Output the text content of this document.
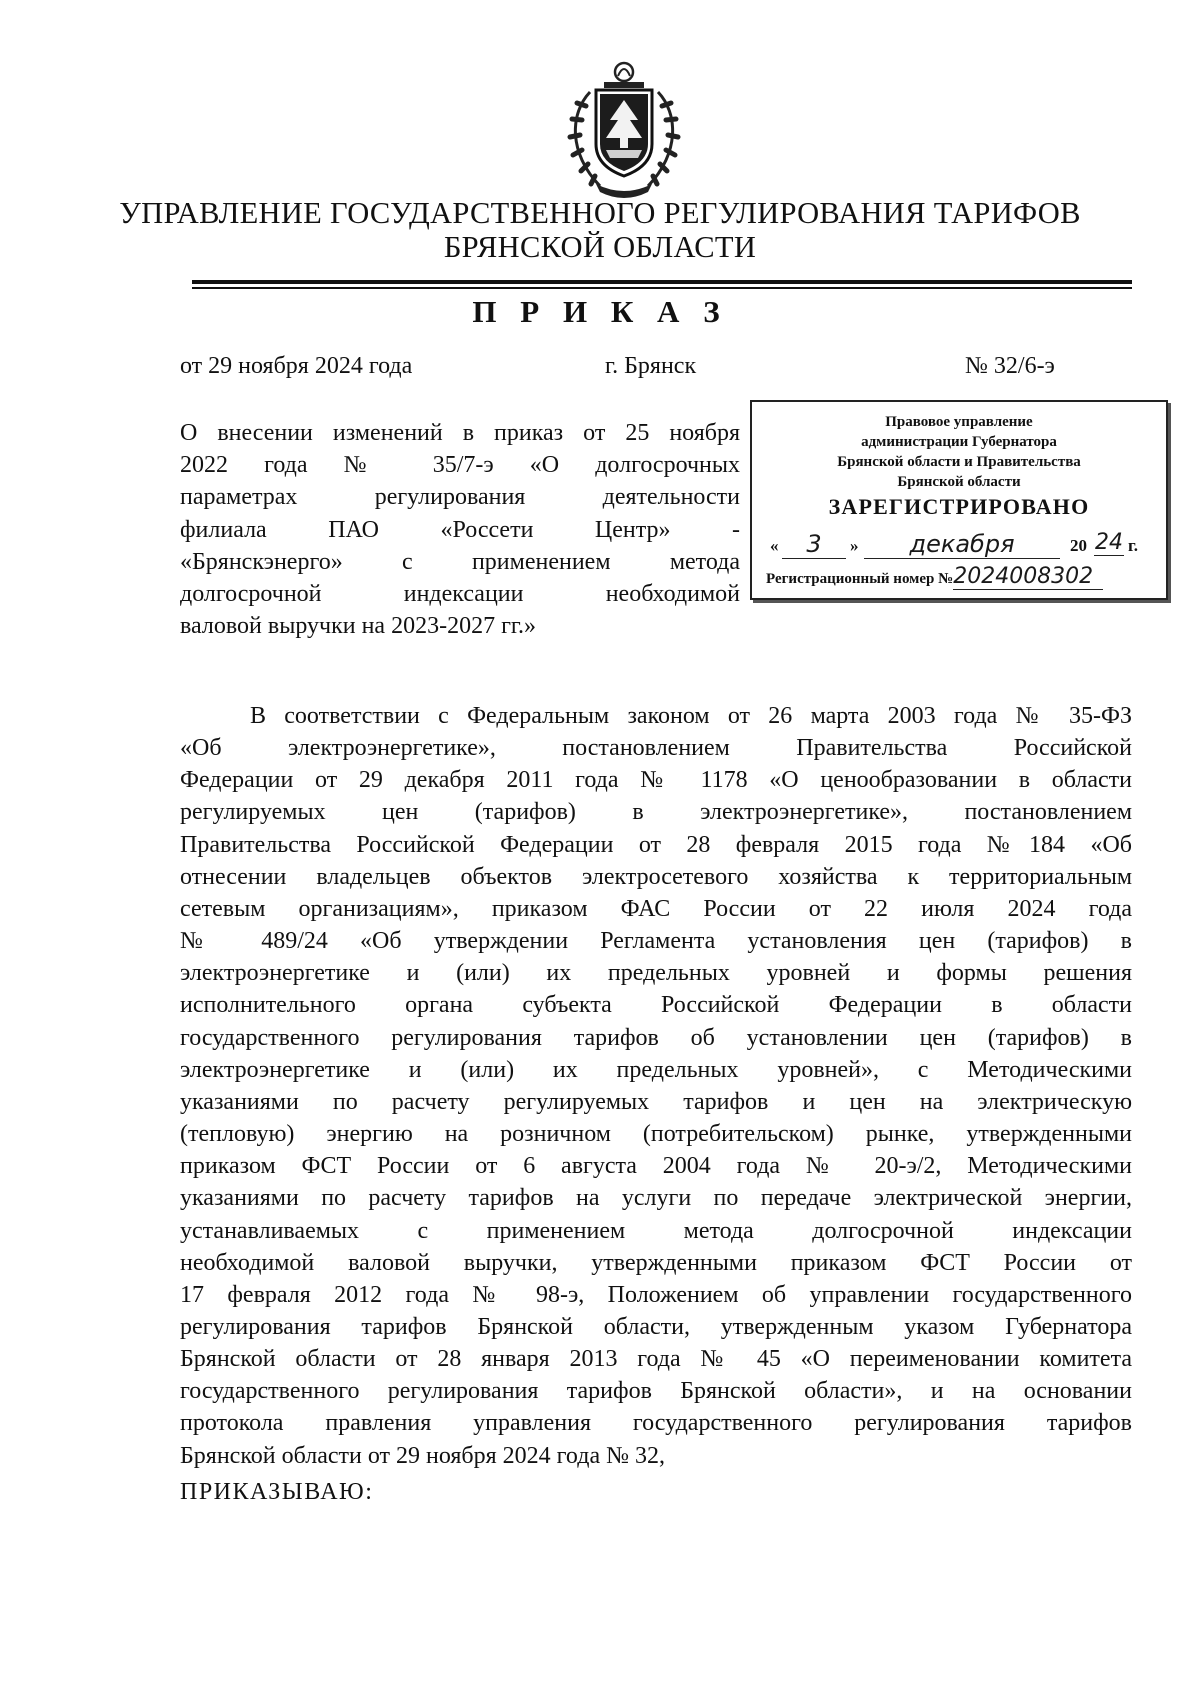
УПРАВЛЕНИЕ ГОСУДАРСТВЕННОГО РЕГУЛИРОВАНИЯ ТАРИФОВ
БРЯНСКОЙ ОБЛАСТИ
П Р И К А З
от 29 ноября 2024 года	г. Брянск	№ 32/6-э
О внесении изменений в приказ от 25 ноября
2022 года № 35/7-э «О долгосрочных
параметрах регулирования деятельности
филиала ПАО «Россети Центр» -
«Брянскэнерго» с применением метода
долгосрочной индексации необходимой
валовой выручки на 2023-2027 гг.»
Правовое управление
администрации Губернатора
Брянской области и Правительства
Брянской области
ЗАРЕГИСТРИРОВАНО
«	3	»	декабря	20 24 г.
Регистрационный номер №2024008302
В соответствии с Федеральным законом от 26 марта 2003 года № 35-ФЗ
«Об электроэнергетике», постановлением Правительства Российской
Федерации от 29 декабря 2011 года № 1178 «О ценообразовании в области
регулируемых цен (тарифов) в электроэнергетике», постановлением
Правительства Российской Федерации от 28 февраля 2015 года №184 «Об
отнесении владельцев объектов электросетевого хозяйства к территориальным
сетевым организациям», приказом ФАС России от 22 июля 2024 года
№ 489/24 «Об утверждении Регламента установления цен (тарифов) в
электроэнергетике и (или) их предельных уровней и формы решения
исполнительного органа субъекта Российской Федерации в области
государственного регулирования тарифов об установлении цен (тарифов) в
электроэнергетике и (или) их предельных уровней», с Методическими
указаниями по расчету регулируемых тарифов и цен на электрическую
(тепловую) энергию на розничном (потребительском) рынке, утвержденными
приказом ФСТ России от 6 августа 2004 года № 20-э/2, Методическими
указаниями по расчету тарифов на услуги по передаче электрической энергии,
устанавливаемых с применением метода долгосрочной индексации
необходимой валовой выручки, утвержденными приказом ФСТ России от
17 февраля 2012 года № 98-э, Положением об управлении государственного
регулирования тарифов Брянской области, утвержденным указом Губернатора
Брянской области от 28 января 2013 года № 45 «О переименовании комитета
государственного регулирования тарифов Брянской области», и на основании
протокола правления управления государственного регулирования тарифов
Брянской области от 29 ноября 2024 года № 32,
ПРИКАЗЫВАЮ:
